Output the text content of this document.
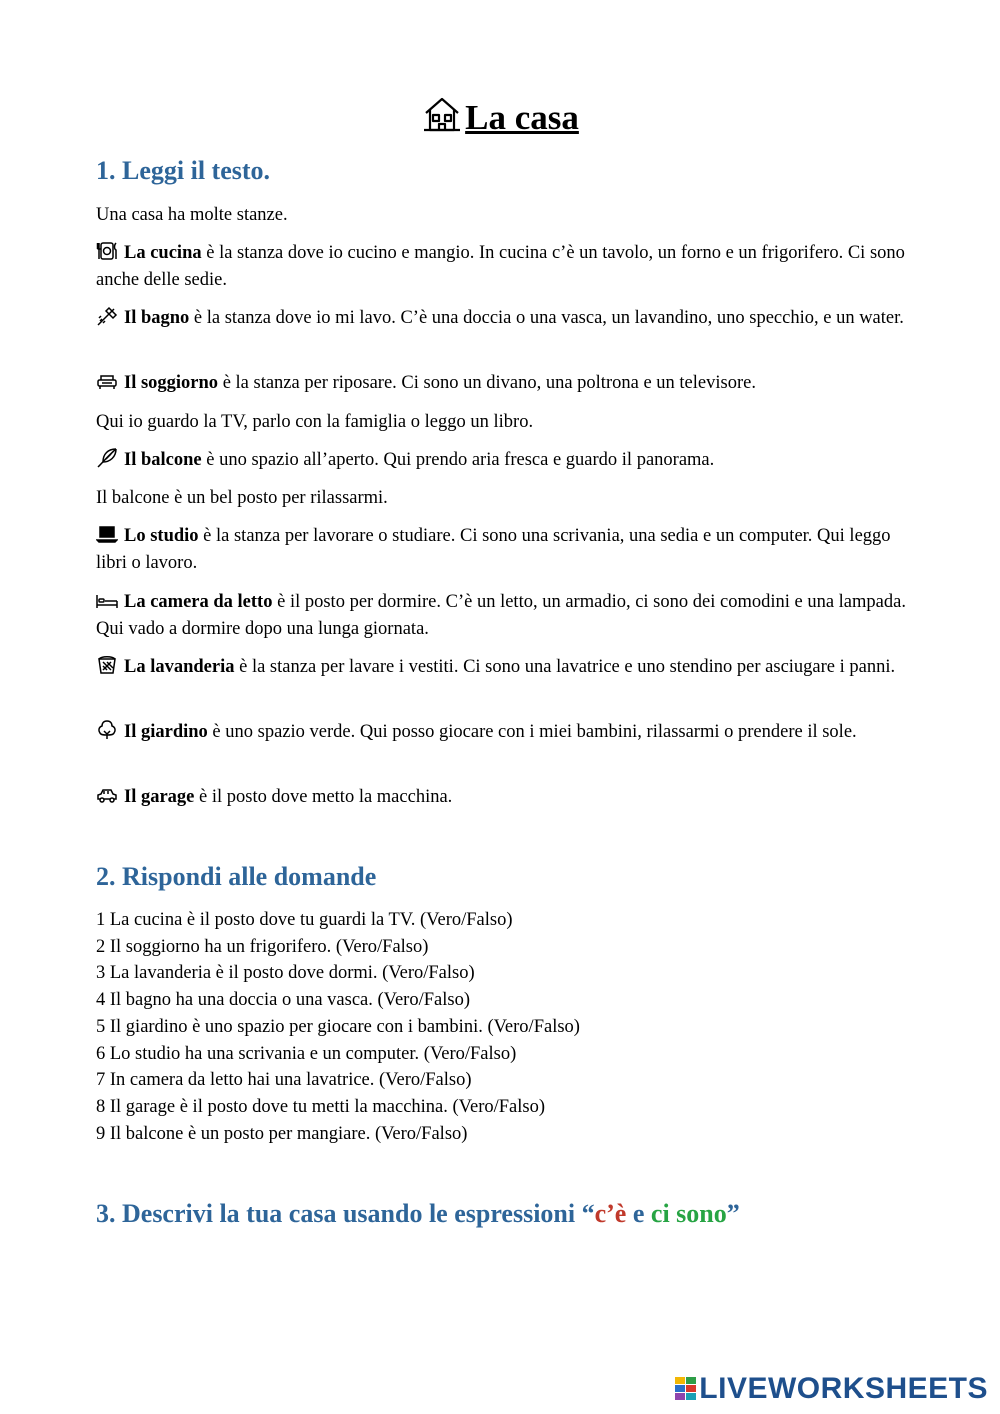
La casa
1. Leggi il testo.
Una casa ha molte stanze.
La cucina è la stanza dove io cucino e mangio. In cucina c’è un tavolo, un forno e un frigorifero. Ci sono anche delle sedie.
Il bagno è la stanza dove io mi lavo. C’è una doccia o una vasca, un lavandino, uno specchio, e un water.
Il soggiorno è la stanza per riposare. Ci sono un divano, una poltrona e un televisore.
Qui io guardo la TV, parlo con la famiglia o leggo un libro.
Il balcone è uno spazio all’aperto. Qui prendo aria fresca e guardo il panorama.
Il balcone è un bel posto per rilassarmi.
Lo studio è la stanza per lavorare o studiare. Ci sono una scrivania, una sedia e un computer. Qui leggo libri o lavoro.
La camera da letto è il posto per dormire. C’è un letto, un armadio, ci sono dei comodini e una lampada. Qui vado a dormire dopo una lunga giornata.
La lavanderia è la stanza per lavare i vestiti. Ci sono una lavatrice e uno stendino per asciugare i panni.
Il giardino è uno spazio verde. Qui posso giocare con i miei bambini, rilassarmi o prendere il sole.
Il garage è il posto dove metto la macchina.
2. Rispondi alle domande
1 La cucina è il posto dove tu guardi la TV. (Vero/Falso)
2 Il soggiorno ha un frigorifero. (Vero/Falso)
3 La lavanderia è il posto dove dormi. (Vero/Falso)
4 Il bagno ha una doccia o una vasca. (Vero/Falso)
5 Il giardino è uno spazio per giocare con i bambini. (Vero/Falso)
6 Lo studio ha una scrivania e un computer. (Vero/Falso)
7 In camera da letto hai una lavatrice. (Vero/Falso)
8 Il garage è il posto dove tu metti la macchina. (Vero/Falso)
9 Il balcone è un posto per mangiare. (Vero/Falso)
3. Descrivi la tua casa usando le espressioni “c’è e ci sono”
LIVEWORKSHEETS
